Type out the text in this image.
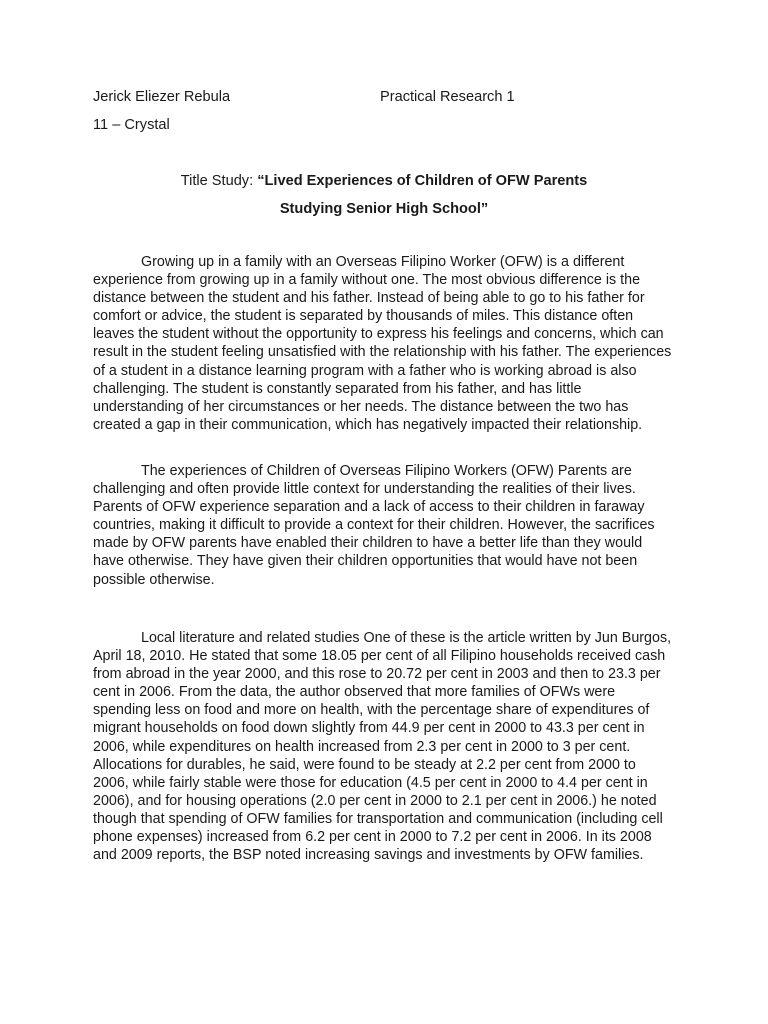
Jerick Eliezer Rebula	Practical Research 1
11 – Crystal
Title Study: “Lived Experiences of Children of OFW Parents
Studying Senior High School”

Growing up in a family with an Overseas Filipino Worker (OFW) is a different experience from growing up in a family without one. The most obvious difference is the distance between the student and his father. Instead of being able to go to his father for comfort or advice, the student is separated by thousands of miles. This distance often leaves the student without the opportunity to express his feelings and concerns, which can result in the student feeling unsatisfied with the relationship with his father. The experiences of a student in a distance learning program with a father who is working abroad is also challenging. The student is constantly separated from his father, and has little understanding of her circumstances or her needs. The distance between the two has created a gap in their communication, which has negatively impacted their relationship.

The experiences of Children of Overseas Filipino Workers (OFW) Parents are challenging and often provide little context for understanding the realities of their lives. Parents of OFW experience separation and a lack of access to their children in faraway countries, making it difficult to provide a context for their children. However, the sacrifices made by OFW parents have enabled their children to have a better life than they would have otherwise. They have given their children opportunities that would have not been possible otherwise.

Local literature and related studies One of these is the article written by Jun Burgos, April 18, 2010. He stated that some 18.05 per cent of all Filipino households received cash from abroad in the year 2000, and this rose to 20.72 per cent in 2003 and then to 23.3 per cent in 2006. From the data, the author observed that more families of OFWs were spending less on food and more on health, with the percentage share of expenditures of migrant households on food down slightly from 44.9 per cent in 2000 to 43.3 per cent in 2006, while expenditures on health increased from 2.3 per cent in 2000 to 3 per cent. Allocations for durables, he said, were found to be steady at 2.2 per cent from 2000 to 2006, while fairly stable were those for education (4.5 per cent in 2000 to 4.4 per cent in 2006), and for housing operations (2.0 per cent in 2000 to 2.1 per cent in 2006.) he noted though that spending of OFW families for transportation and communication (including cell phone expenses) increased from 6.2 per cent in 2000 to 7.2 per cent in 2006. In its 2008 and 2009 reports, the BSP noted increasing savings and investments by OFW families.
